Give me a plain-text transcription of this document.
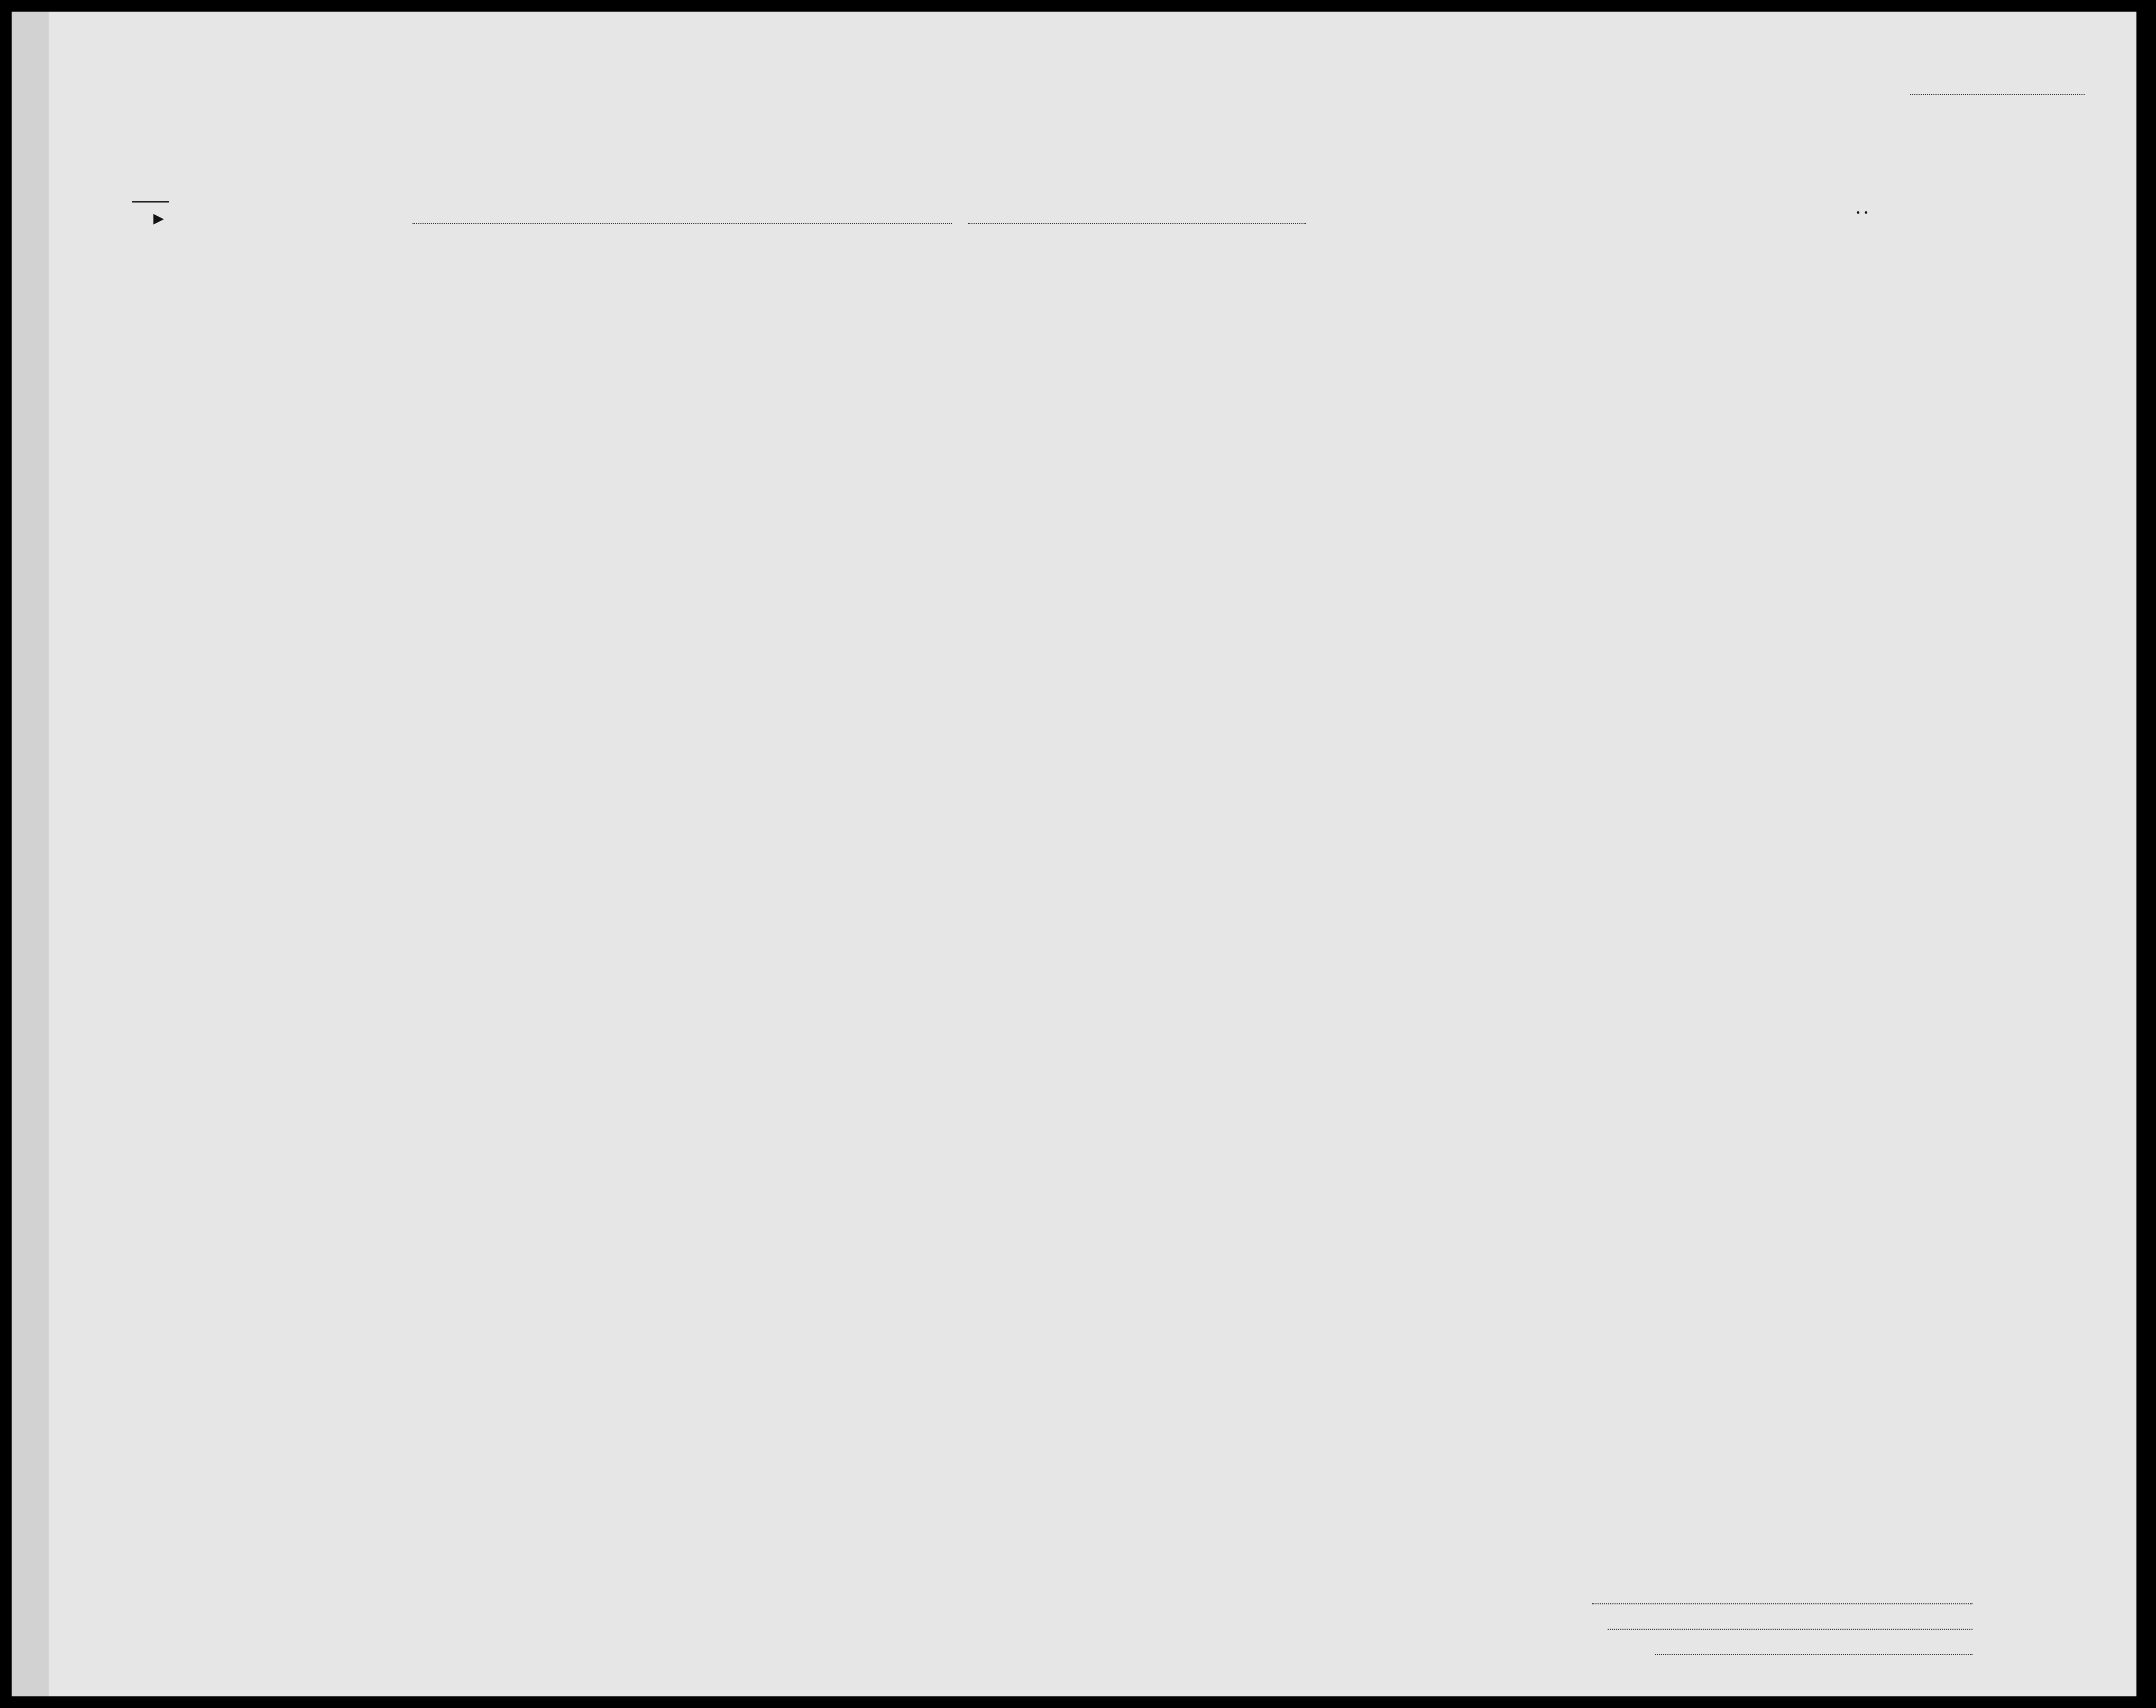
▸	. .
